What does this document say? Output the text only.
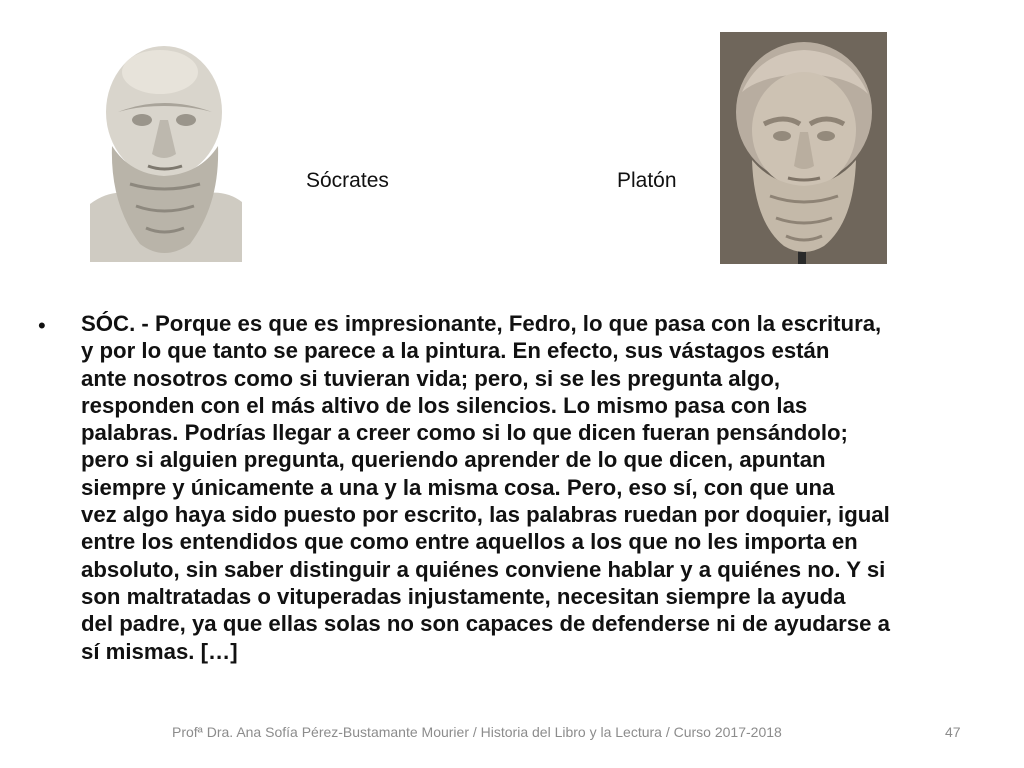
Sócrates	Platón
• SÓC. - Porque es que es impresionante, Fedro, lo que pasa con la escritura,
y por lo que tanto se parece a la pintura. En efecto, sus vástagos están
ante nosotros como si tuvieran vida; pero, si se les pregunta algo,
responden con el más altivo de los silencios. Lo mismo pasa con las
palabras. Podrías llegar a creer como si lo que dicen fueran pensándolo;
pero si alguien pregunta, queriendo aprender de lo que dicen, apuntan
siempre y únicamente a una y la misma cosa. Pero, eso sí, con que una
vez algo haya sido puesto por escrito, las palabras ruedan por doquier, igual
entre los entendidos que como entre aquellos a los que no les importa en
absoluto, sin saber distinguir a quiénes conviene hablar y a quiénes no. Y si
son maltratadas o vituperadas injustamente, necesitan siempre la ayuda
del padre, ya que ellas solas no son capaces de defenderse ni de ayudarse a
sí mismas. […]
Profª Dra. Ana Sofía Pérez-Bustamante Mourier / Historia del Libro y la Lectura / Curso 2017-2018	47
